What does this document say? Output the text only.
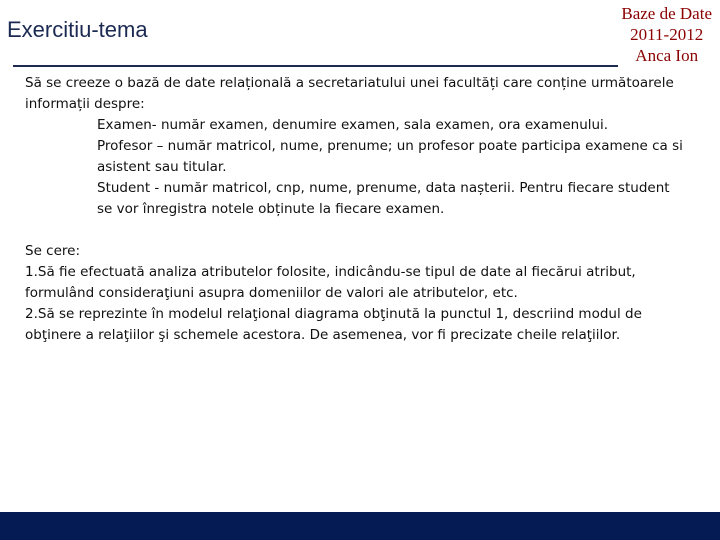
Exercitiu-tema
Baze de Date
2011-2012
Anca Ion

Să se creeze o bază de date relațională a secretariatului unei facultăți care conține următoarele informații despre:

Examen- număr examen, denumire examen, sala examen, ora examenului.

Profesor – număr matricol, nume, prenume; un profesor poate participa examene ca si asistent sau titular.

Student - număr matricol, cnp, nume, prenume, data nașterii. Pentru fiecare student se vor înregistra notele obținute la fiecare examen.

Se cere:

1.Să fie efectuată analiza atributelor folosite, indicându-se tipul de date al fiecărui atribut, formulând consideraţiuni asupra domeniilor de valori ale atributelor, etc.

2.Să se reprezinte în modelul relaţional diagrama obţinută la punctul 1, descriind modul de obţinere a relaţiilor şi schemele acestora. De asemenea, vor fi precizate cheile relaţiilor.
